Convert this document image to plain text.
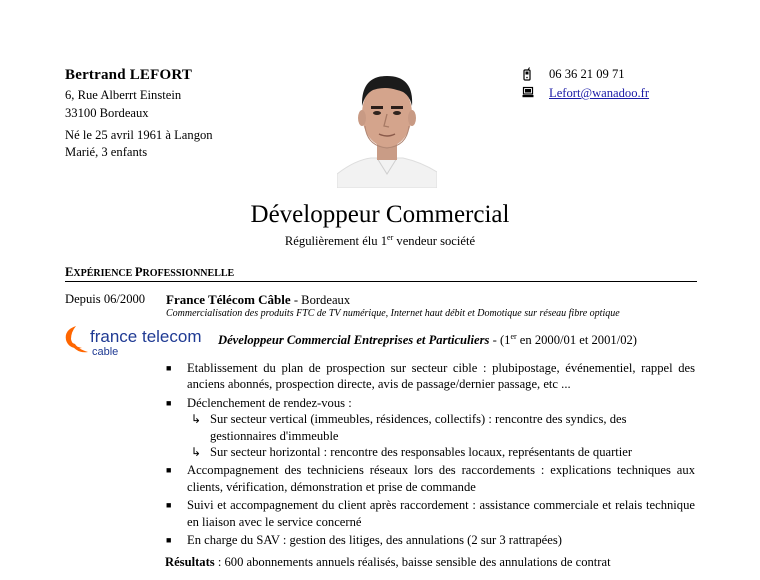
Bertrand LEFORT
6, Rue Alberrt Einstein
33100 Bordeaux
Né le 25 avril 1961 à Langon
Marié, 3 enfants
06 36 21 09 71
Lefort@wanadoo.fr
Développeur Commercial
Régulièrement élu 1er vendeur société
EXPÉRIENCE PROFESSIONNELLE
Depuis 06/2000 France Télécom Câble - Bordeaux
Commercialisation des produits FTC de TV numérique, Internet haut débit et Domotique sur réseau fibre optique
france telecom
cable
Développeur Commercial Entreprises et Particuliers - (1er en 2000/01 et 2001/02)
■ Etablissement du plan de prospection sur secteur cible : plubipostage, événementiel, rappel des anciens abonnés, prospection directe, avis de passage/dernier passage, etc ...
■ Déclenchement de rendez-vous :
↳ Sur secteur vertical (immeubles, résidences, collectifs) : rencontre des syndics, des gestionnaires d'immeuble
↳ Sur secteur horizontal : rencontre des responsables locaux, représentants de quartier
■ Accompagnement des techniciens réseaux lors des raccordements : explications techniques aux clients, vérification, démonstration et prise de commande
■ Suivi et accompagnement du client après raccordement : assistance commerciale et relais technique en liaison avec le service concerné
■ En charge du SAV : gestion des litiges, des annulations (2 sur 3 rattrapées)
Résultats : 600 abonnements annuels réalisés, baisse sensible des annulations de contrat
